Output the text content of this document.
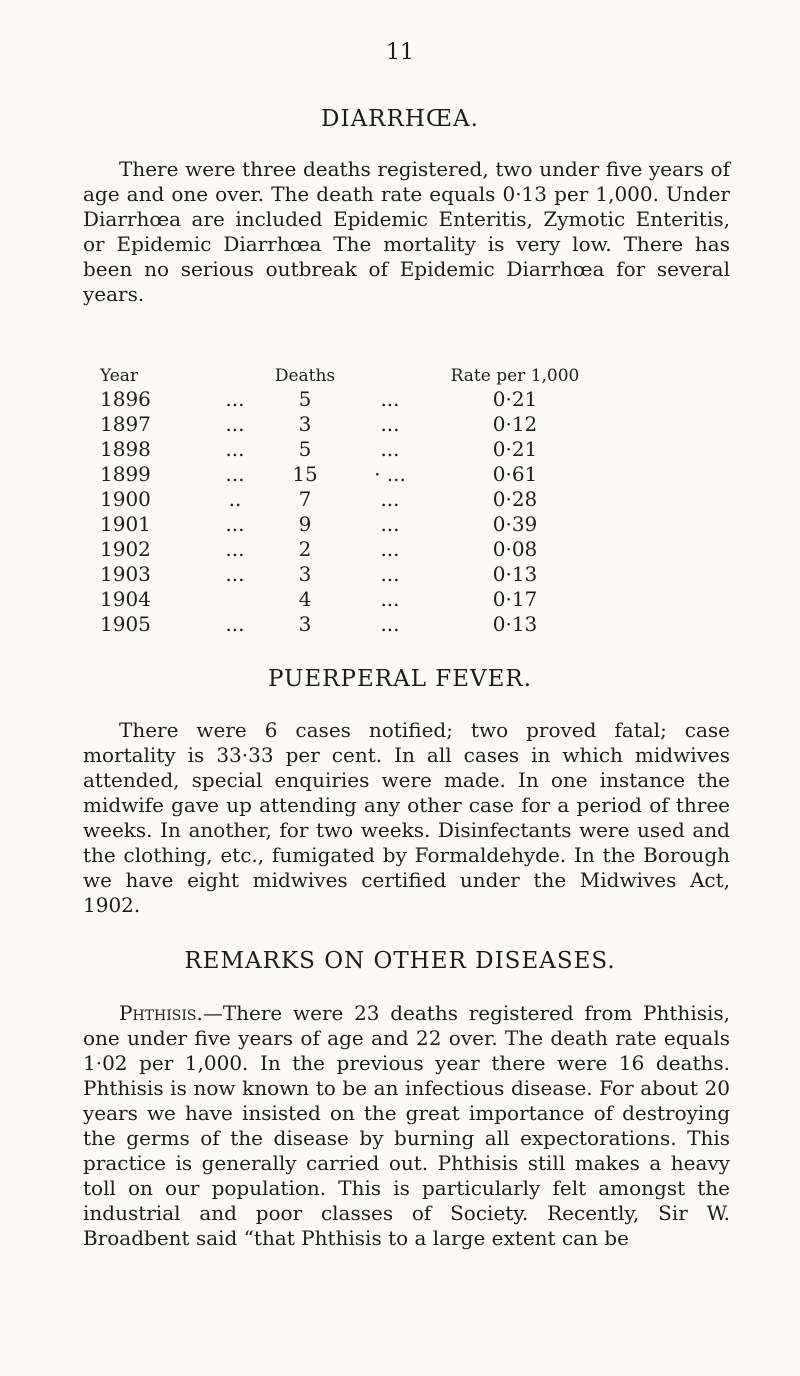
11
DIARRHŒA.

There were three deaths registered, two under five years of age and one over. The death rate equals 0·13 per 1,000. Under Diarrhœa are included Epidemic Enteritis, Zymotic Enteritis, or Epidemic Diarrhœa The mortality is very low. There has been no serious outbreak of Epidemic Diarrhœa for several years.

Year		Deaths		Rate per 1,000
1896	...	5	...	0·21
1897	...	3	...	0·12
1898	...	5	...	0·21
1899	...	15	· ...	0·61
1900	..	7	...	0·28
1901	...	9	...	0·39
1902	...	2	...	0·08
1903	...	3	...	0·13
1904		4	...	0·17
1905	...	3	...	0·13
PUERPERAL FEVER.

There were 6 cases notified; two proved fatal; case mortality is 33·33 per cent. In all cases in which midwives attended, special enquiries were made. In one instance the midwife gave up attending any other case for a period of three weeks. In another, for two weeks. Disinfectants were used and the clothing, etc., fumigated by Formaldehyde. In the Borough we have eight midwives certified under the Midwives Act, 1902.

REMARKS ON OTHER DISEASES.

Phthisis.—There were 23 deaths registered from Phthisis, one under five years of age and 22 over. The death rate equals 1·02 per 1,000. In the previous year there were 16 deaths. Phthisis is now known to be an infectious disease. For about 20 years we have insisted on the great importance of destroying the germs of the disease by burning all expectorations. This practice is generally carried out. Phthisis still makes a heavy toll on our population. This is particularly felt amongst the industrial and poor classes of Society. Recently, Sir W. Broadbent said “that Phthisis to a large extent can be
